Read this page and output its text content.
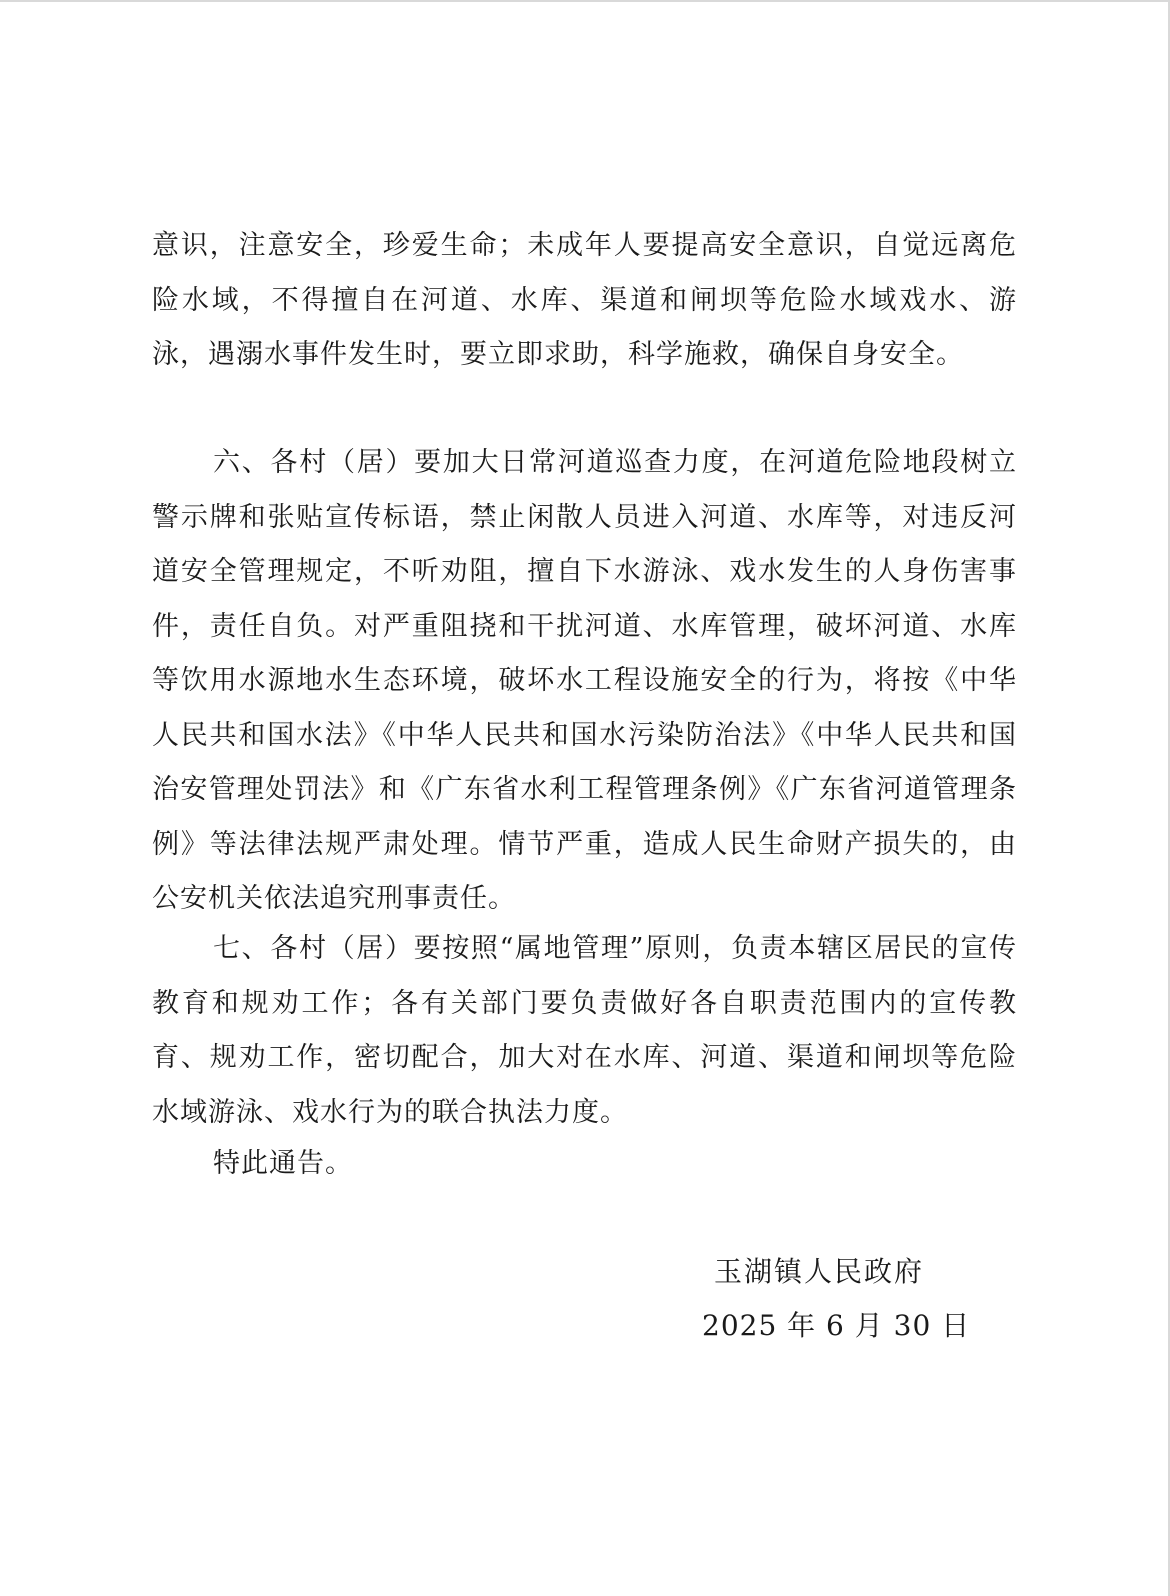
意识，注意安全，珍爱生命；未成年人要提高安全意识，自觉远离危险水域，不得擅自在河道、水库、渠道和闸坝等危险水域戏水、游泳，遇溺水事件发生时，要立即求助，科学施救，确保自身安全。

六、各村（居）要加大日常河道巡查力度，在河道危险地段树立警示牌和张贴宣传标语，禁止闲散人员进入河道、水库等，对违反河道安全管理规定，不听劝阻，擅自下水游泳、戏水发生的人身伤害事件，责任自负。对严重阻挠和干扰河道、水库管理，破坏河道、水库等饮用水源地水生态环境，破坏水工程设施安全的行为，将按《中华人民共和国水法》《中华人民共和国水污染防治法》《中华人民共和国治安管理处罚法》和《广东省水利工程管理条例》《广东省河道管理条例》等法律法规严肃处理。情节严重，造成人民生命财产损失的，由公安机关依法追究刑事责任。

七、各村（居）要按照“属地管理”原则，负责本辖区居民的宣传教育和规劝工作；各有关部门要负责做好各自职责范围内的宣传教育、规劝工作，密切配合，加大对在水库、河道、渠道和闸坝等危险水域游泳、戏水行为的联合执法力度。

特此通告。

玉湖镇人民政府
2025 年 6 月 30 日
